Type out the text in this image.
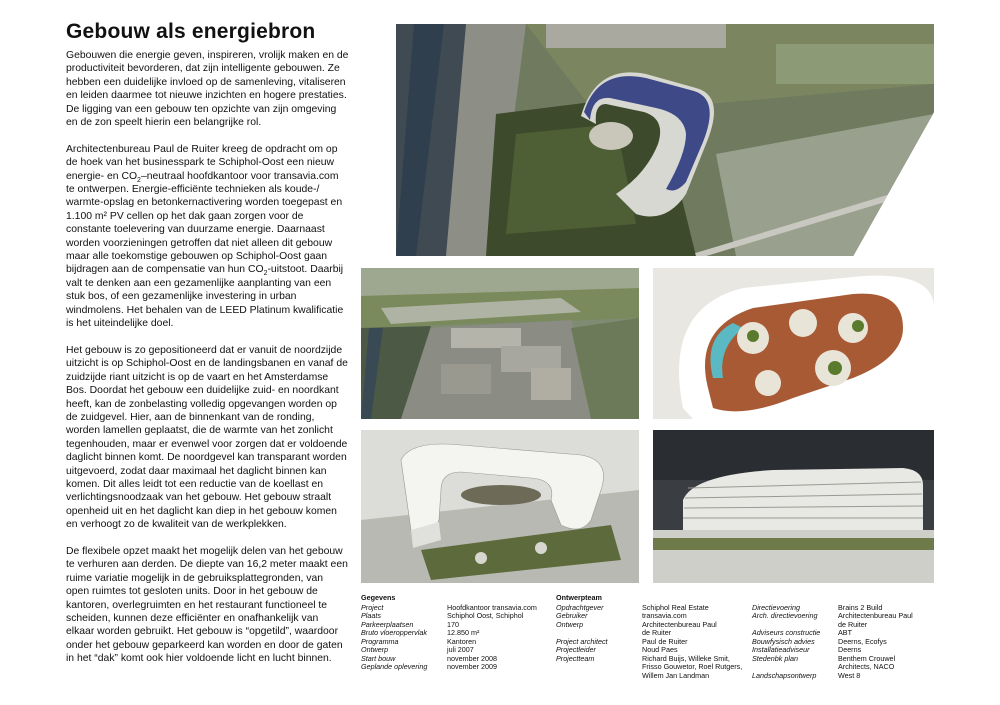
Gebouw als energiebron

Gebouwen die energie geven, inspireren, vrolijk maken en de productiviteit bevorderen, dat zijn intelligente gebouwen. Ze hebben een duidelijke invloed op de samenleving, vitaliseren en leiden daarmee tot nieuwe inzichten en hogere prestaties. De ligging van een gebouw ten opzichte van zijn omgeving en de zon speelt hierin een belangrijke rol.

Architectenbureau Paul de Ruiter kreeg de opdracht om op de hoek van het businesspark te Schiphol-Oost een nieuw energie- en $CO_2$–neutraal hoofdkantoor voor transavia.com te ontwerpen. Energie-efficiënte technieken als koude-/ warmte-opslag en betonkernactivering worden toegepast en 1.100 m² PV cellen op het dak gaan zorgen voor de constante toelevering van duurzame energie. Daarnaast worden voorzieningen getroffen dat niet alleen dit gebouw maar alle toekomstige gebouwen op Schiphol-Oost gaan bijdragen aan de compensatie van hun $CO_2$-uitstoot. Daarbij valt te denken aan een gezamenlijke aanplanting van een stuk bos, of een gezamenlijke investering in urban windmolens. Het behalen van de LEED Platinum kwalificatie is het uiteindelijke doel.

Het gebouw is zo gepositioneerd dat er vanuit de noordzijde uitzicht is op Schiphol-Oost en de landingsbanen en vanaf de zuidzijde riant uitzicht is op de vaart en het Amsterdamse Bos. Doordat het gebouw een duidelijke zuid- en noordkant heeft, kan de zonbelasting volledig opgevangen worden op de zuidgevel. Hier, aan de binnenkant van de ronding, worden lamellen geplaatst, die de warmte van het zonlicht tegenhouden, maar er evenwel voor zorgen dat er voldoende daglicht binnen komt. De noordgevel kan transparant worden uitgevoerd, zodat daar maximaal het daglicht binnen kan komen. Dit alles leidt tot een reductie van de koellast en verlichtingsnoodzaak van het gebouw. Het gebouw straalt openheid uit en het daglicht kan diep in het gebouw komen en verhoogt zo de kwaliteit van de werkplekken.

De flexibele opzet maakt het mogelijk delen van het gebouw te verhuren aan derden. De diepte van 16,2 meter maakt een ruime variatie mogelijk in de gebruiksplattegronden, van open ruimtes tot gesloten units. Door in het gebouw de kantoren, overlegruimten en het restaurant functioneel te scheiden, kunnen deze efficiënter en onafhankelijk van elkaar worden gebruikt. Het gebouw is “opgetild”, waardoor onder het gebouw geparkeerd kan worden en door de gaten in het “dak” komt ook hier voldoende licht en lucht binnen.

Gegevens
Project	Hoofdkantoor transavia.com
Plaats	Schiphol Oost, Schiphol
Parkeerplaatsen	170
Bruto vloeroppervlak	12.850 m²
Programma	Kantoren
Ontwerp	juli 2007
Start bouw	november 2008
Geplande oplevering	november 2009
Ontwerpteam
Opdrachtgever	Schiphol Real Estate
Gebruiker	transavia.com
Ontwerp	Architectenbureau Paul
de Ruiter
Project architect	Paul de Ruiter
Projectleider	Noud Paes
Projectteam	Richard Buijs, Willeke Smit,
Frisso Gouwetor, Roel Rutgers,
Willem Jan Landman

Directievoering	Brains 2 Build
Arch. directievoering	Architectenbureau Paul
de Ruiter
Adviseurs constructie	ABT
Bouwfysisch advies	Deerns, Ecofys
Installatieadviseur	Deerns
Stedenbk plan	Benthem Crouwel
Architects, NACO
Landschapsontwerp	West 8
